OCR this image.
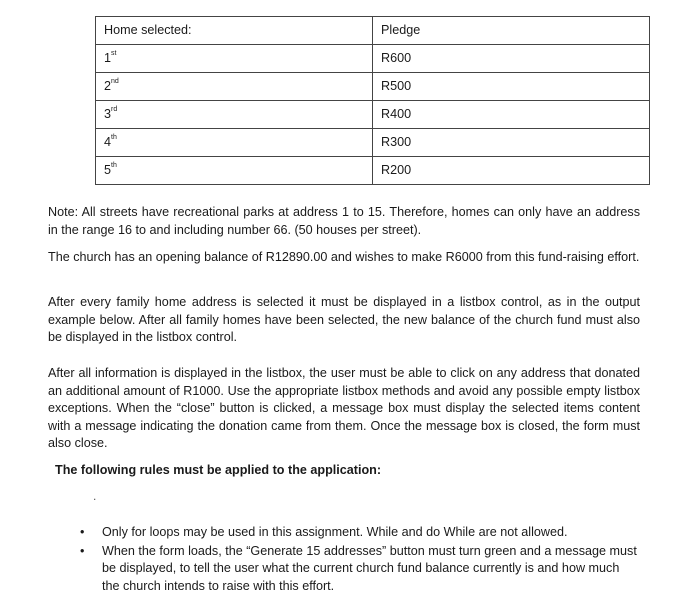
Home selected:	Pledge
1st	R600
2nd	R500
3rd	R400
4th	R300
5th	R200

Note: All streets have recreational parks at address 1 to 15. Therefore, homes can only have an address in the range 16 to and including number 66. (50 houses per street).

The church has an opening balance of R12890.00 and wishes to make R6000 from this fund-raising effort.

After every family home address is selected it must be displayed in a listbox control, as in the output example below. After all family homes have been selected, the new balance of the church fund must also be displayed in the listbox control.

After all information is displayed in the listbox, the user must be able to click on any address that donated an additional amount of R1000. Use the appropriate listbox methods and avoid any possible empty listbox exceptions. When the “close” button is clicked, a message box must display the selected items content with a message indicating the donation came from them. Once the message box is closed, the form must also close.

The following rules must be applied to the application:

.
• Only for loops may be used in this assignment. While and do While are not allowed.
• When the form loads, the “Generate 15 addresses” button must turn green and a message must be displayed, to tell the user what the current church fund balance currently is and how much the church intends to raise with this effort.
